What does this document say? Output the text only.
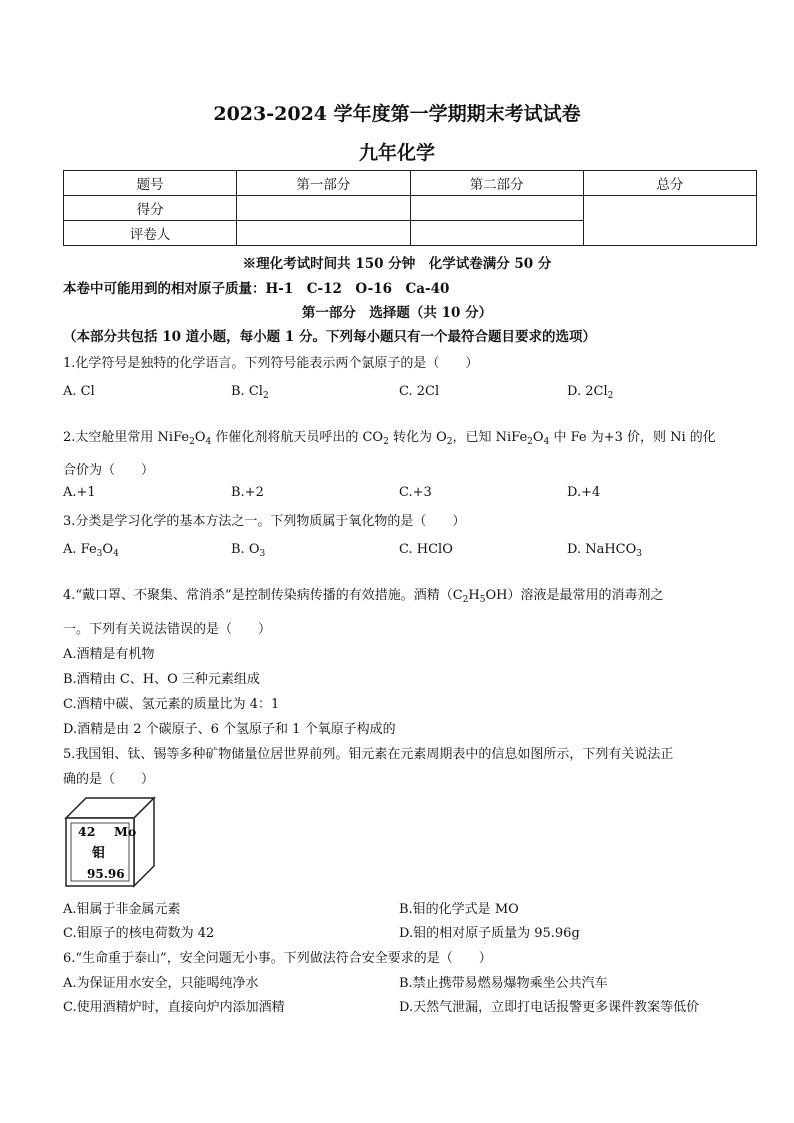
2023-2024 学年度第一学期期末考试试卷
九年化学
题号	第一部分	第二部分	总分
得分			
评卷人			
※理化考试时间共 150 分钟　化学试卷满分 50 分
本卷中可能用到的相对原子质量：H-1　C-12　O-16　Ca-40
第一部分　选择题（共 10 分）
（本部分共包括 10 道小题，每小题 1 分。下列每小题只有一个最符合题目要求的选项）
1.化学符号是独特的化学语言。下列符号能表示两个氯原子的是（　　）
A. Cl	B. $Cl_2$	C. 2Cl	D. $2Cl_2$
2.太空舱里常用 $NiFe_2O_4$ 作催化剂将航天员呼出的 $CO_2$ 转化为 $O_2$，已知 $NiFe_2O_4$ 中 Fe 为+3 价，则 Ni 的化
合价为（　　）
A.+1	B.+2	C.+3	D.+4
3.分类是学习化学的基本方法之一。下列物质属于氧化物的是（　　）
A. $Fe_3O_4$	B. $O_3$	C. HClO	D. NaHCO$_3$
4.“戴口罩、不聚集、常消杀”是控制传染病传播的有效措施。酒精$(C_2H_5OH)$溶液是最常用的消毒剂之
一。下列有关说法错误的是（　　）
A.酒精是有机物
B.酒精由 C、H、O 三种元素组成
C.酒精中碳、氢元素的质量比为 4：1
D.酒精是由 2 个碳原子、6 个氢原子和 1 个氧原子构成的
5.我国钼、钛、锡等多种矿物储量位居世界前列。钼元素在元素周期表中的信息如图所示，下列有关说法正
确的是（　　）
42 Mo
钼
95.96
A.钼属于非金属元素	B.钼的化学式是 MO
C.钼原子的核电荷数为 42	D.钼的相对原子质量为 95.96g
6.“生命重于泰山”，安全问题无小事。下列做法符合安全要求的是（　　）
A.为保证用水安全，只能喝纯净水	B.禁止携带易燃易爆物乘坐公共汽车
C.使用酒精炉时，直接向炉内添加酒精	D.天然气泄漏，立即打电话报警更多课件教案等低价
